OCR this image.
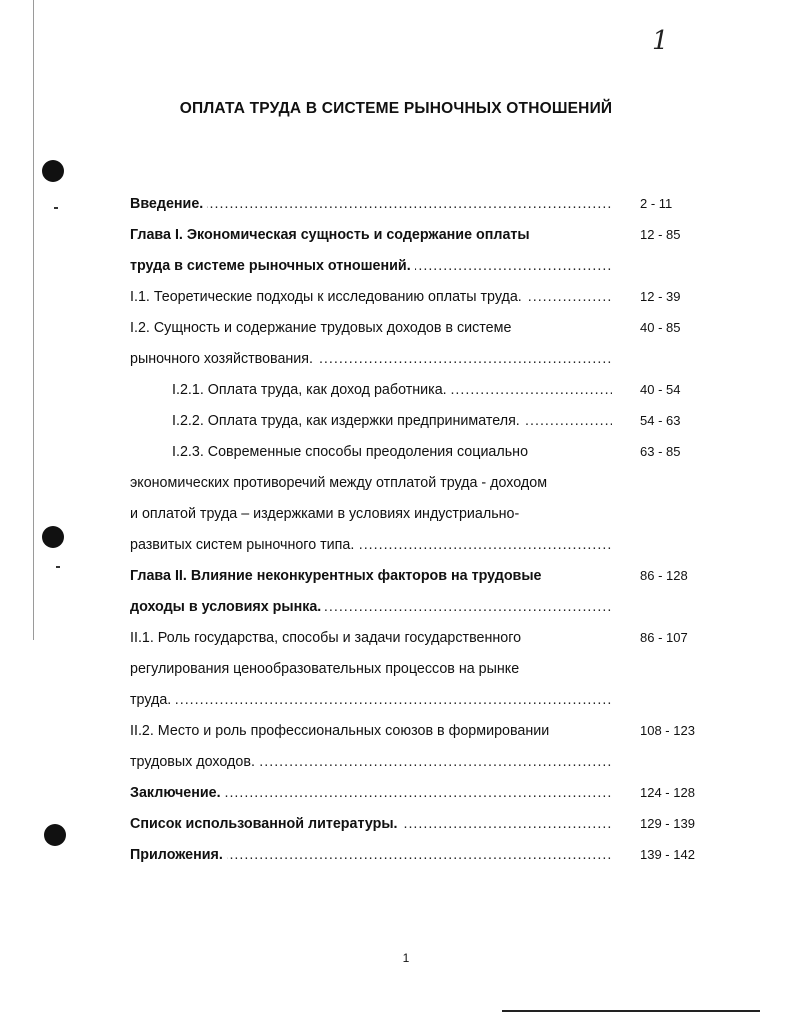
1
ОПЛАТА ТРУДА В СИСТЕМЕ РЫНОЧНЫХ ОТНОШЕНИЙ
Введение. .....	2 - 11
Глава I. Экономическая сущность и содержание оплаты
труда в системе рыночных отношений. .....
12 - 85
I.1. Теоретические подходы к исследованию оплаты труда. .....	12 - 39
I.2. Сущность и содержание трудовых доходов в системе
рыночного хозяйствования. .....
40 - 85
I.2.1. Оплата труда, как доход работника. .....	40 - 54
I.2.2. Оплата труда, как издержки предпринимателя. .....	54 - 63
I.2.3. Современные способы преодоления социально
экономических противоречий между отплатой труда - доходом
и оплатой труда – издержками в условиях индустриально-
развитых систем рыночного типа. .....
63 - 85
Глава II. Влияние неконкурентных факторов на трудовые
доходы в условиях рынка. .....
86 - 128
II.1. Роль государства, способы и задачи государственного
регулирования ценообразовательных процессов на рынке
труда. .....
86 - 107
II.2. Место и роль профессиональных союзов в формировании
трудовых доходов. .....
108 - 123
Заключение. .....	124 - 128
Список использованной литературы. .....	129 - 139
Приложения. .....	139 - 142
1
